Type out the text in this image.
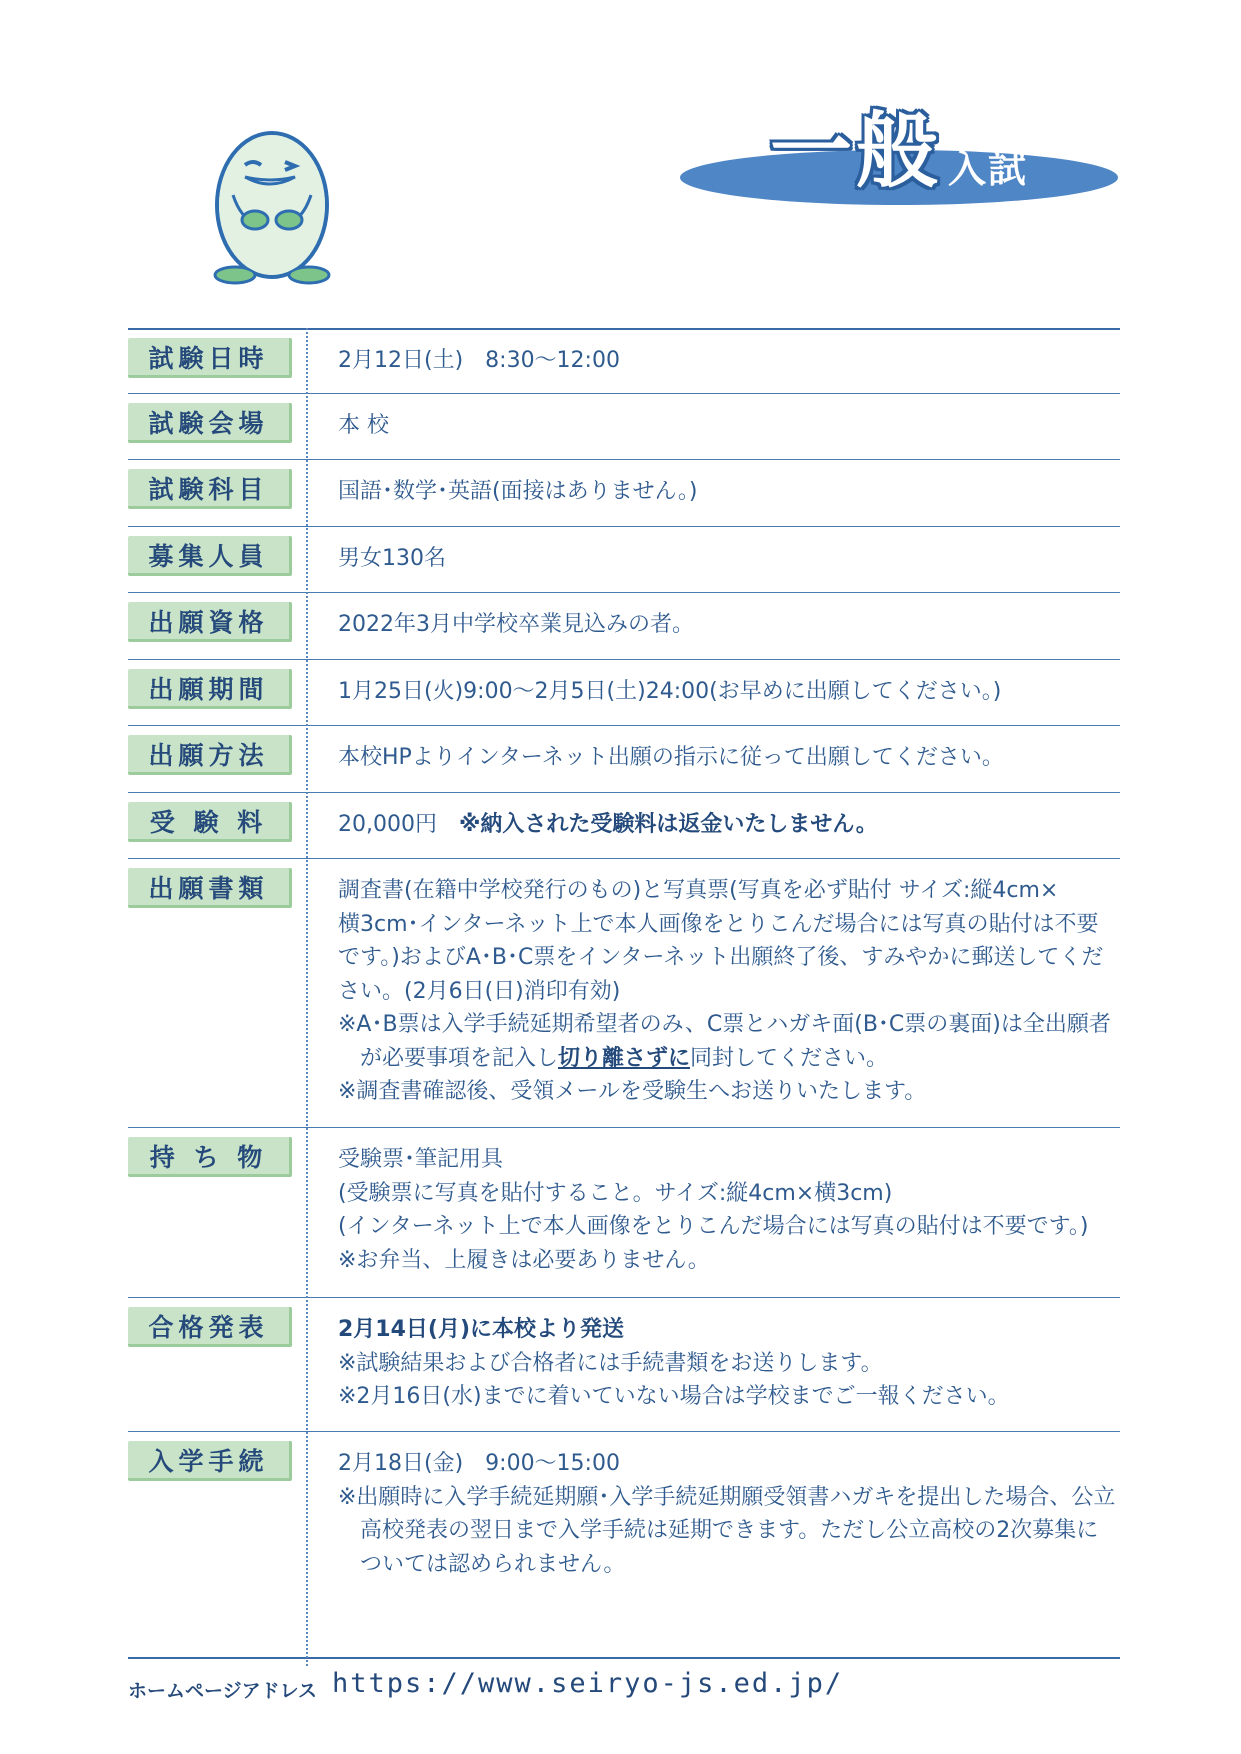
一般 入試
試験日時	2月12日(土)　8:30〜12:00

試験会場	本 校

試験科目	国語･数学･英語(面接はありません。)

募集人員	男女130名

出願資格	2022年3月中学校卒業見込みの者。

出願期間	1月25日(火)9:00〜2月5日(土)24:00(お早めに出願してください。)

出願方法	本校HPよりインターネット出願の指示に従って出願してください。

受 験 料	20,000円　 ※納入された受験料は返金いたしません。

出願書類	調査書(在籍中学校発行のもの)と写真票(写真を必ず貼付 サイズ:縦4cm×

横3cm･インターネット上で本人画像をとりこんだ場合には写真の貼付は不要

です。)およびA･B･C票をインターネット出願終了後、すみやかに郵送してくだ

さい。(2月6日(日)消印有効)

※A･B票は入学手続延期希望者のみ、C票とハガキ面(B･C票の裏面)は全出願者

が必要事項を記入し切り離さずに同封してください。

※調査書確認後、受領メールを受験生へお送りいたします。

持 ち 物	受験票･筆記用具

(受験票に写真を貼付すること。サイズ:縦4cm×横3cm)

(インターネット上で本人画像をとりこんだ場合には写真の貼付は不要です。)

※お弁当、上履きは必要ありません。

合格発表	2月14日(月)に本校より発送

※試験結果および合格者には手続書類をお送りします。

※2月16日(水)までに着いていない場合は学校までご一報ください。

入学手続	2月18日(金)　9:00〜15:00

※出願時に入学手続延期願･入学手続延期願受領書ハガキを提出した場合、公立

高校発表の翌日まで入学手続は延期できます。ただし公立高校の2次募集に

ついては認められません。

ホームページアドレス https://www.seiryo-js.ed.jp/
